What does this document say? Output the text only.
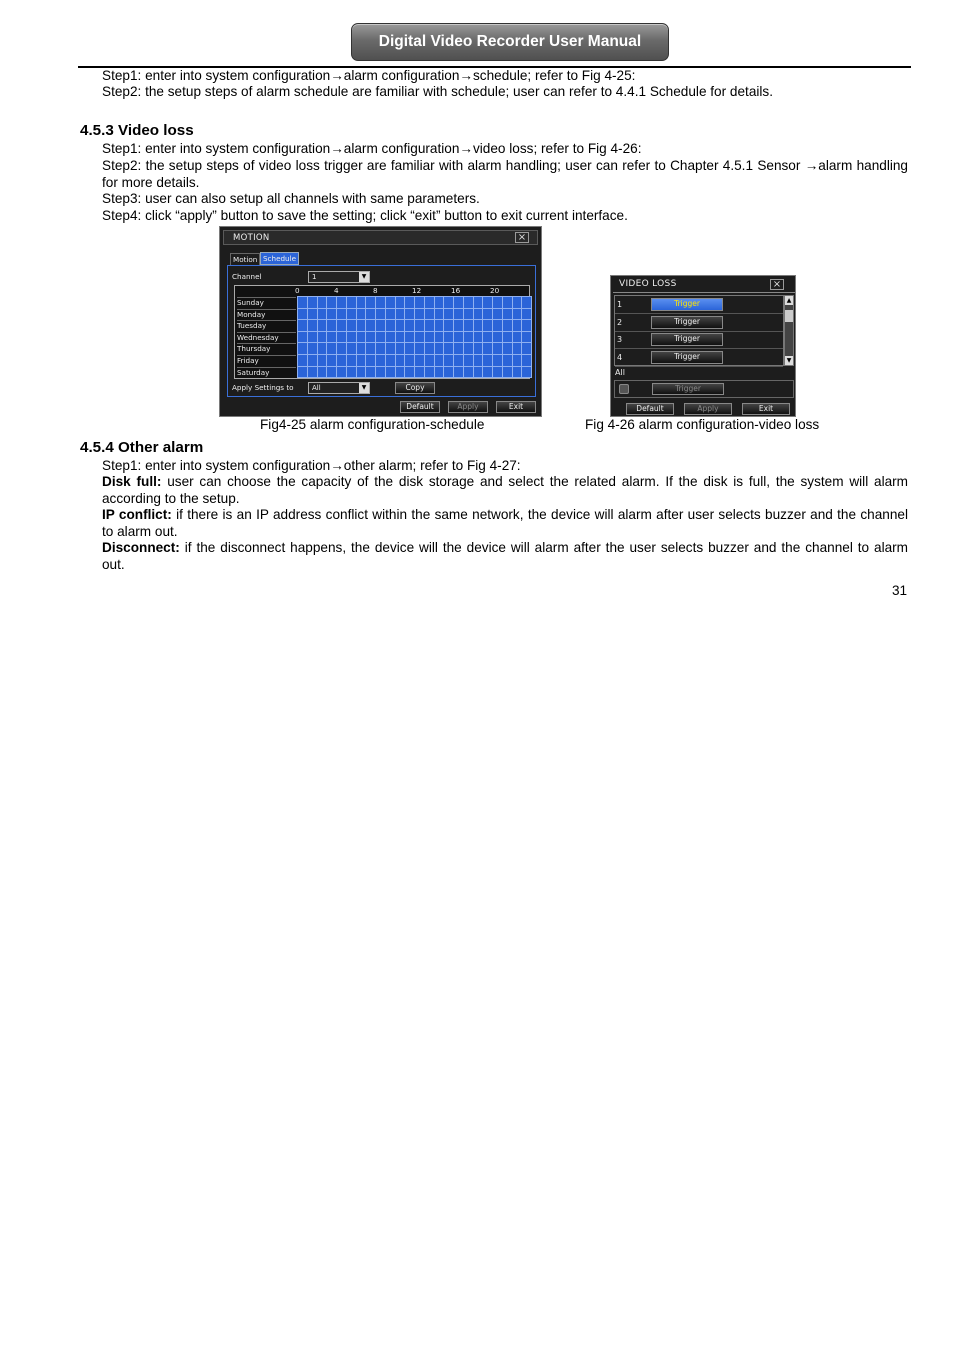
Digital Video Recorder User Manual
Step1: enter into system configuration→alarm configuration→schedule; refer to Fig 4-25:
Step2: the setup steps of alarm schedule are familiar with schedule; user can refer to 4.4.1 Schedule for details.
4.5.3 Video loss
Step1: enter into system configuration→alarm configuration→video loss; refer to Fig 4-26:
Step2: the setup steps of video loss trigger are familiar with alarm handling; user can refer to Chapter 4.5.1 Sensor →alarm handling for more details.
Step3: user can also setup all channels with same parameters.
Step4: click “apply” button to save the setting; click “exit” button to exit current interface.
MOTION	×
Motion Schedule
Channel	1	▼
0	4	8	12	16	20
Sunday
Monday
Tuesday
Wednesday
Thursday
Friday
Saturday
Apply Settings to	All	▼	Copy
Default	Apply	Exit
Fig4-25 alarm configuration-schedule
VIDEO LOSS	×
1	Trigger
2	Trigger
3	Trigger
4	Trigger
▲
▼
All
Trigger
Default	Apply	Exit
Fig 4-26 alarm configuration-video loss
4.5.4 Other alarm
Step1: enter into system configuration→other alarm; refer to Fig 4-27:
Disk full: user can choose the capacity of the disk storage and select the related alarm. If the disk is full, the system will alarm according to the setup.
IP conflict: if there is an IP address conflict within the same network, the device will alarm after user selects buzzer and the channel to alarm out.
Disconnect: if the disconnect happens, the device will the device will alarm after the user selects buzzer and the channel to alarm out.
31
